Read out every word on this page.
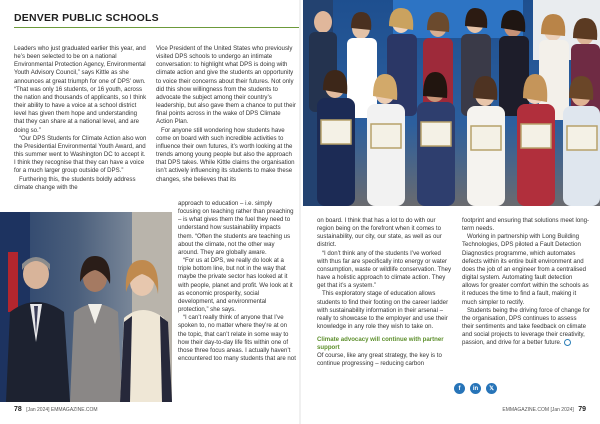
DENVER PUBLIC SCHOOLS

Leaders who just graduated earlier this year, and he’s been selected to be on a national Environmental Protection Agency, Environmental Youth Advisory Council,” says Kittle as she announces at great triumph for one of DPS’ own. “That was only 16 students, or 16 youth, across the nation and thousands of applicants, so I think their ability to have a voice at a school district level has given them hope and understanding that they can share at a national level, and are doing so.”

“Our DPS Students for Climate Action also won the Presidential Environmental Youth Award, and this summer went to Washington DC to accept it. I think they recognise that they can have a voice for a much larger group outside of DPS.”

Furthering this, the students boldly address climate change with the

Vice President of the United States who previously visited DPS schools to undergo an intimate conversation: to highlight what DPS is doing with climate action and give the students an opportunity to voice their concerns about their futures. Not only did this show willingness from the students to advocate the subject among their country’s leadership, but also gave them a chance to put their final points across in the wake of DPS Climate Action Plan.

For anyone still wondering how students have come on board with such incredible activities to influence their own futures, it’s worth looking at the trends among young people but also the approach that DPS takes. While Kittle claims the organisation isn’t actively influencing its students to make these changes, she believes that its

approach to education – i.e. simply focusing on teaching rather than preaching – is what gives them the fuel they need to understand how sustainability impacts them. “Often the students are teaching us about the climate, not the other way around. They are globally aware.

“For us at DPS, we really do look at a triple bottom line, but not in the way that maybe the private sector has looked at it with people, planet and profit. We look at it as economic prosperity, social development, and environmental protection,” she says.

“I can’t really think of anyone that I’ve spoken to, no matter where they’re at on the topic, that can’t relate in some way to how their day-to-day life fits within one of those three focus areas. I actually haven’t encountered too many students that are not

78 [Jan 2024] EMMAGAZINE.COM

on board. I think that has a lot to do with our region being on the forefront when it comes to sustainability, our city, our state, as well as our district.

“I don’t think any of the students I’ve worked with thus far are specifically into energy or water consumption, waste or wildlife conservation. They have a holistic approach to climate action. They get that it’s a system.”

This exploratory stage of education allows students to find their footing on the career ladder with sustainability information in their arsenal – really to showcase to the employer and use their knowledge in any role they wish to take on.

Climate advocacy will continue with partner support

Of course, like any great strategy, the key is to continue progressing – reducing carbon

footprint and ensuring that solutions meet long-term needs.

Working in partnership with Long Building Technologies, DPS piloted a Fault Detection Diagnostics programme, which automates defects within its entire built environment and does the job of an engineer from a centralised digital system. Automating fault detection allows for greater comfort within the schools as it reduces the time to find a fault, making it much simpler to rectify.

Students being the driving force of change for the organisation, DPS continues to assess their sentiments and take feedback on climate and social projects to leverage their creativity, passion, and drive for a better future.

f	in	𝕏
EMMAGAZINE.COM [Jan 2024] 79
